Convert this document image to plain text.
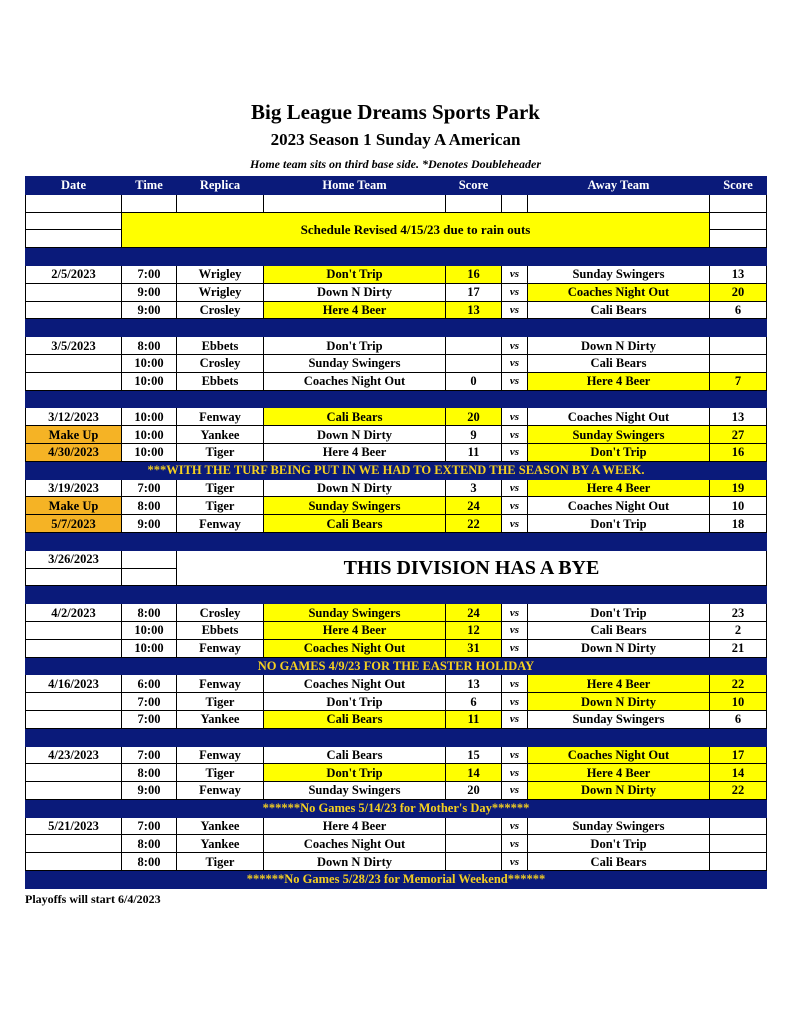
Big League Dreams Sports Park
2023 Season 1 Sunday A American
Home team sits on third base side. *Denotes Doubleheader
Date	Time	Replica	Home Team	Score		Away Team	Score

	Schedule Revised 4/15/23 due to rain outs						

2/5/2023	7:00	Wrigley	Don't Trip	16	vs	Sunday Swingers	13
	9:00	Wrigley	Down N Dirty	17	vs	Coaches Night Out	20
	9:00	Crosley	Here 4 Beer	13	vs	Cali Bears	6

3/5/2023	8:00	Ebbets	Don't Trip		vs	Down N Dirty	
	10:00	Crosley	Sunday Swingers		vs	Cali Bears	
	10:00	Ebbets	Coaches Night Out	0	vs	Here 4 Beer	7

3/12/2023	10:00	Fenway	Cali Bears	20	vs	Coaches Night Out	13
Make Up	10:00	Yankee	Down N Dirty	9	vs	Sunday Swingers	27
4/30/2023	10:00	Tiger	Here 4 Beer	11	vs	Don't Trip	16
***WITH THE TURF BEING PUT IN WE HAD TO EXTEND THE SEASON BY A WEEK.							
3/19/2023	7:00	Tiger	Down N Dirty	3	vs	Here 4 Beer	19
Make Up	8:00	Tiger	Sunday Swingers	24	vs	Coaches Night Out	10
5/7/2023	9:00	Fenway	Cali Bears	22	vs	Don't Trip	18

3/26/2023		THIS DIVISION HAS A BYE					

4/2/2023	8:00	Crosley	Sunday Swingers	24	vs	Don't Trip	23
	10:00	Ebbets	Here 4 Beer	12	vs	Cali Bears	2
	10:00	Fenway	Coaches Night Out	31	vs	Down N Dirty	21
NO GAMES 4/9/23 FOR THE EASTER HOLIDAY							
4/16/2023	6:00	Fenway	Coaches Night Out	13	vs	Here 4 Beer	22
	7:00	Tiger	Don't Trip	6	vs	Down N Dirty	10
	7:00	Yankee	Cali Bears	11	vs	Sunday Swingers	6

4/23/2023	7:00	Fenway	Cali Bears	15	vs	Coaches Night Out	17
	8:00	Tiger	Don't Trip	14	vs	Here 4 Beer	14
	9:00	Fenway	Sunday Swingers	20	vs	Down N Dirty	22
******No Games 5/14/23 for Mother's Day******							
5/21/2023	7:00	Yankee	Here 4 Beer		vs	Sunday Swingers	
	8:00	Yankee	Coaches Night Out		vs	Don't Trip	
	8:00	Tiger	Down N Dirty		vs	Cali Bears	
******No Games 5/28/23 for Memorial Weekend******							
Playoffs will start 6/4/2023
